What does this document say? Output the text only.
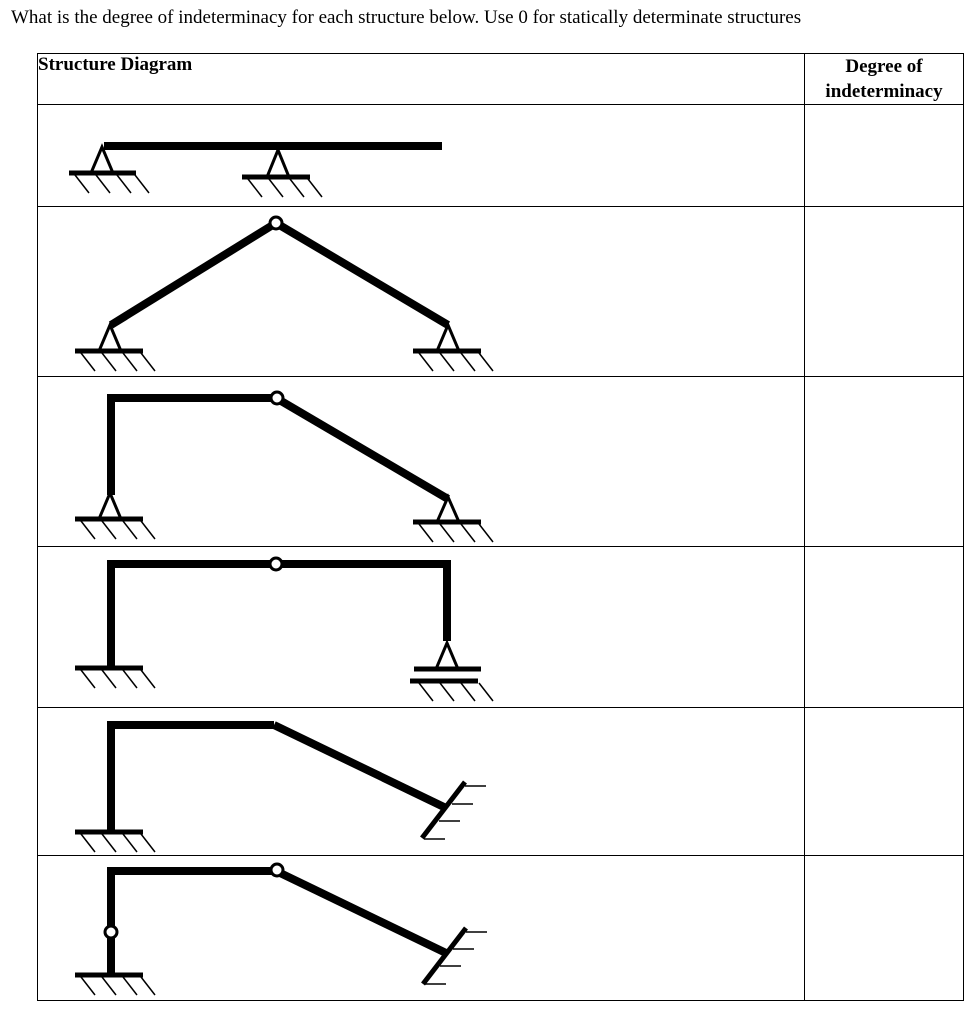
What is the degree of indeterminacy for each structure below. Use 0 for statically determinate structures
Structure Diagram	Degree of
indeterminacy
